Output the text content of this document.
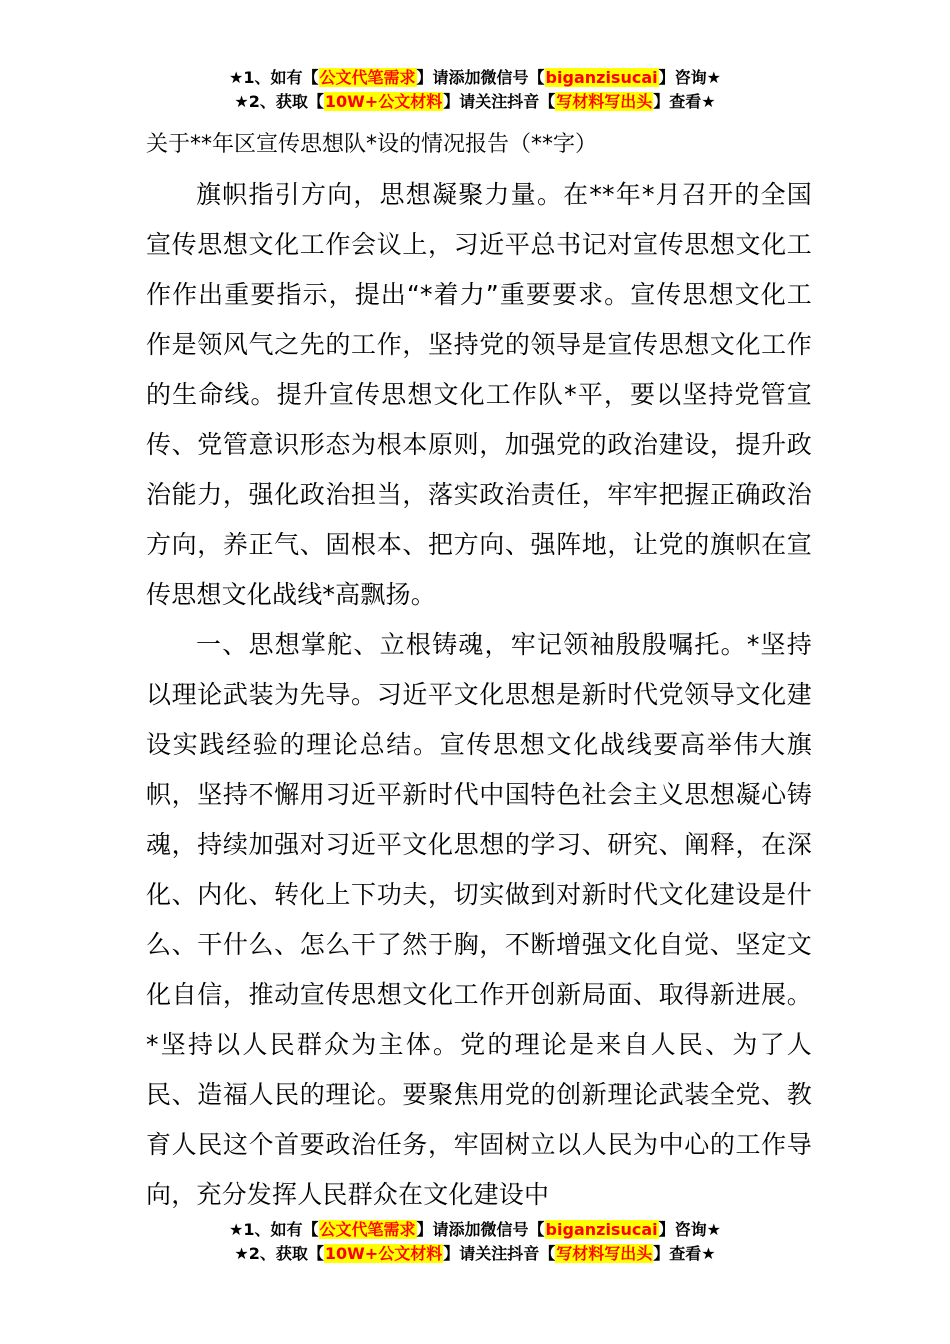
★1、如有【公文代笔需求】请添加微信号【biganzisucai】咨询★
★2、获取【10W+公文材料】请关注抖音【写材料写出头】查看★
关于**年区宣传思想队*设的情况报告（**字）

旗帜指引方向，思想凝聚力量。在**年*月召开的全国宣传思想文化工作会议上，习近平总书记对宣传思想文化工作作出重要指示，提出“*着力”重要要求。宣传思想文化工作是领风气之先的工作，坚持党的领导是宣传思想文化工作的生命线。提升宣传思想文化工作队*平，要以坚持党管宣传、党管意识形态为根本原则，加强党的政治建设，提升政治能力，强化政治担当，落实政治责任，牢牢把握正确政治方向，养正气、固根本、把方向、强阵地，让党的旗帜在宣传思想文化战线*高飘扬。

一、思想掌舵、立根铸魂，牢记领袖殷殷嘱托。*坚持以理论武装为先导。习近平文化思想是新时代党领导文化建设实践经验的理论总结。宣传思想文化战线要高举伟大旗帜，坚持不懈用习近平新时代中国特色社会主义思想凝心铸魂，持续加强对习近平文化思想的学习、研究、阐释，在深化、内化、转化上下功夫，切实做到对新时代文化建设是什么、干什么、怎么干了然于胸，不断增强文化自觉、坚定文化自信，推动宣传思想文化工作开创新局面、取得新进展。*坚持以人民群众为主体。党的理论是来自人民、为了人民、造福人民的理论。要聚焦用党的创新理论武装全党、教育人民这个首要政治任务，牢固树立以人民为中心的工作导向，充分发挥人民群众在文化建设中

★1、如有【公文代笔需求】请添加微信号【biganzisucai】咨询★
★2、获取【10W+公文材料】请关注抖音【写材料写出头】查看★
